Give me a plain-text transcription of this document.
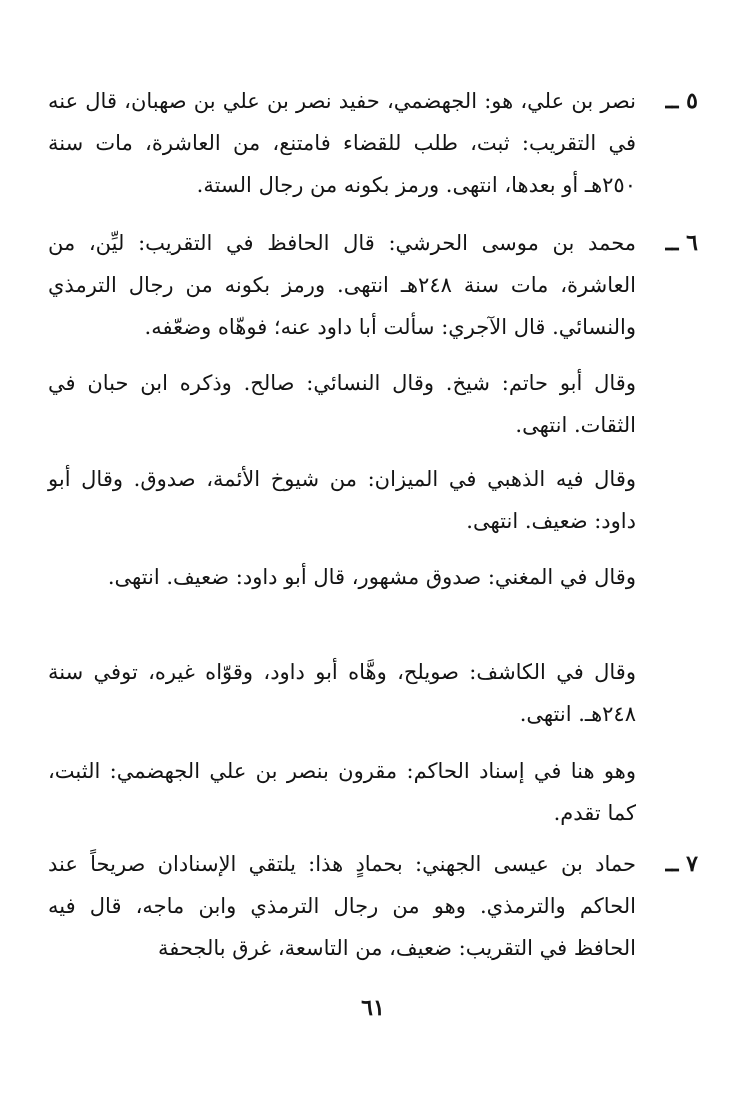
٥ ــ
نصر بن علي، هو: الجهضمي، حفيد نصر بن علي بن صهبان، قال عنه في التقريب: ثبت، طلب للقضاء فامتنع، من العاشرة، مات سنة ٢٥٠هـ أو بعدها، انتهى. ورمز بكونه من رجال الستة.
٦ ــ
محمد بن موسى الحرشي: قال الحافظ في التقريب: ليِّن، من العاشرة، مات سنة ٢٤٨هـ انتهى. ورمز بكونه من رجال الترمذي والنسائي. قال الآجري: سألت أبا داود عنه؛ فوهّاه وضعّفه.
وقال أبو حاتم: شيخ. وقال النسائي: صالح. وذكره ابن حبان في الثقات. انتهى.
وقال فيه الذهبي في الميزان: من شيوخ الأئمة، صدوق. وقال أبو داود: ضعيف. انتهى.
وقال في المغني: صدوق مشهور، قال أبو داود: ضعيف. انتهى.
وقال في الكاشف: صويلح، وهَّاه أبو داود، وقوّاه غيره، توفي سنة ٢٤٨هـ. انتهى.
وهو هنا في إسناد الحاكم: مقرون بنصر بن علي الجهضمي: الثبت، كما تقدم.
٧ ــ
حماد بن عيسى الجهني: بحمادٍ هذا: يلتقي الإسنادان صريحاً عند الحاكم والترمذي. وهو من رجال الترمذي وابن ماجه، قال فيه الحافظ في التقريب: ضعيف، من التاسعة، غرق بالجحفة
٦١
